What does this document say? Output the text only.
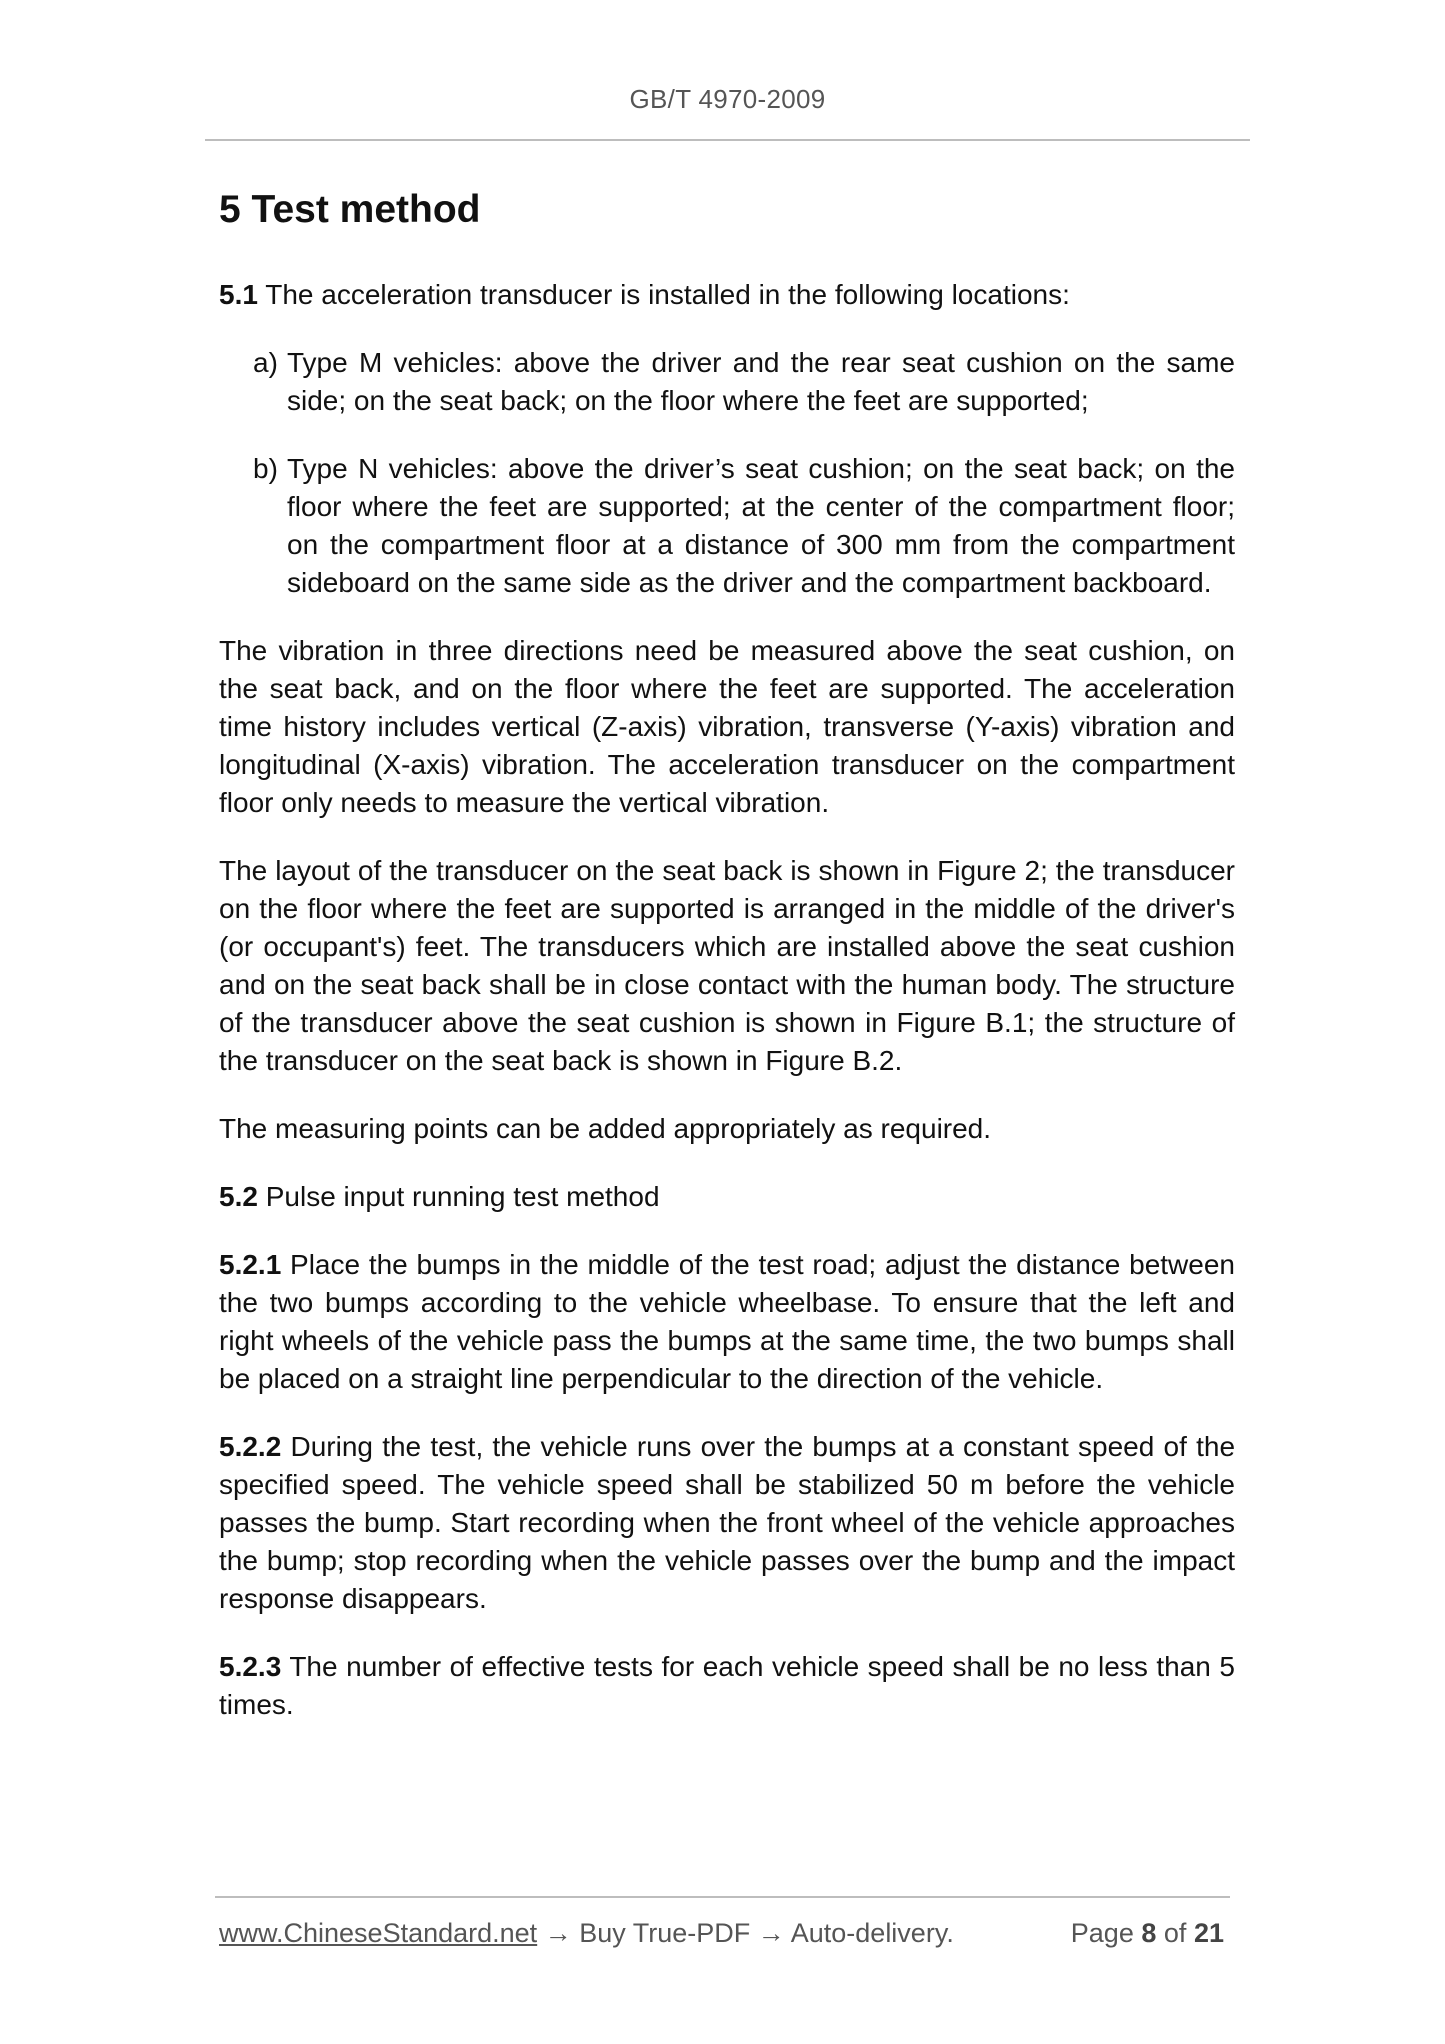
GB/T 4970-2009
5 Test method

5.1 The acceleration transducer is installed in the following locations:

a) Type M vehicles: above the driver and the rear seat cushion on the same side; on the seat back; on the floor where the feet are supported;
b) Type N vehicles: above the driver’s seat cushion; on the seat back; on the floor where the feet are supported; at the center of the compartment floor; on the compartment floor at a distance of 300 mm from the compartment sideboard on the same side as the driver and the compartment backboard.

The vibration in three directions need be measured above the seat cushion, on the seat back, and on the floor where the feet are supported. The acceleration time history includes vertical (Z-axis) vibration, transverse (Y-axis) vibration and longitudinal (X-axis) vibration. The acceleration transducer on the compartment floor only needs to measure the vertical vibration.

The layout of the transducer on the seat back is shown in Figure 2; the transducer on the floor where the feet are supported is arranged in the middle of the driver's (or occupant's) feet. The transducers which are installed above the seat cushion and on the seat back shall be in close contact with the human body. The structure of the transducer above the seat cushion is shown in Figure B.1; the structure of the transducer on the seat back is shown in Figure B.2.

The measuring points can be added appropriately as required.

5.2 Pulse input running test method

5.2.1 Place the bumps in the middle of the test road; adjust the distance between the two bumps according to the vehicle wheelbase. To ensure that the left and right wheels of the vehicle pass the bumps at the same time, the two bumps shall be placed on a straight line perpendicular to the direction of the vehicle.

5.2.2 During the test, the vehicle runs over the bumps at a constant speed of the specified speed. The vehicle speed shall be stabilized 50 m before the vehicle passes the bump. Start recording when the front wheel of the vehicle approaches the bump; stop recording when the vehicle passes over the bump and the impact response disappears.

5.2.3 The number of effective tests for each vehicle speed shall be no less than 5 times.

www.ChineseStandard.net → Buy True-PDF → Auto-delivery.	Page 8 of 21
